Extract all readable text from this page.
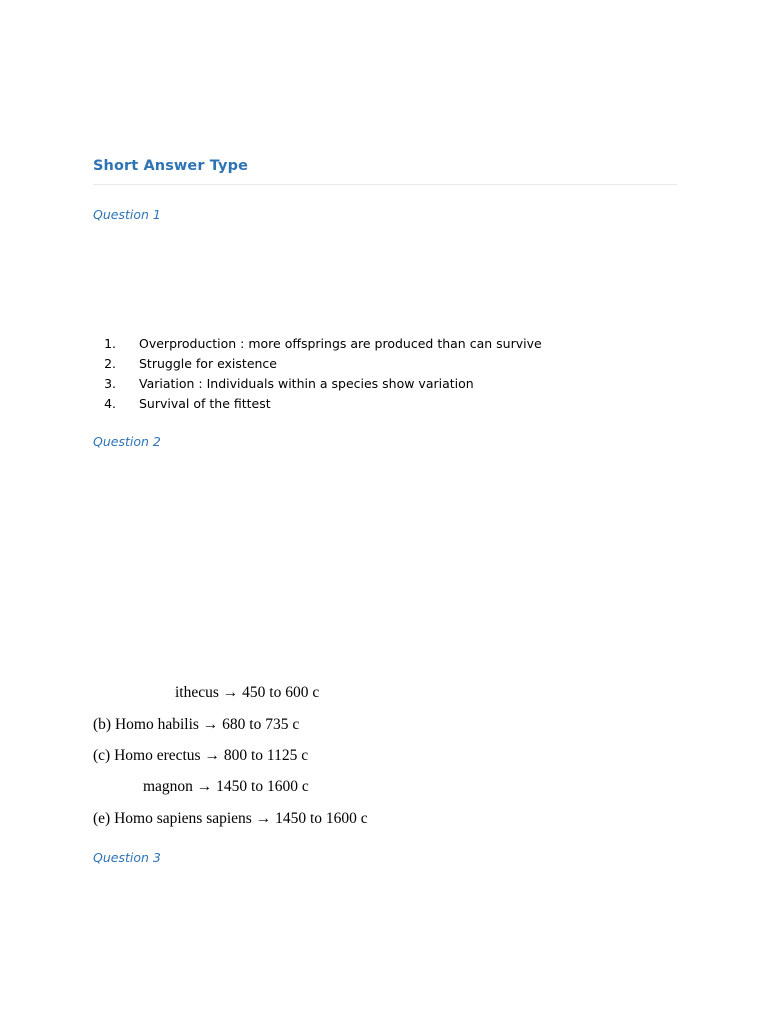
Short Answer Type

Question 1

1. Overproduction : more offsprings are produced than can survive
2. Struggle for existence
3. Variation : Individuals within a species show variation
4. Survival of the fittest

Question 2

ithecus → 450 to 600 c

(b) Homo habilis → 680 to 735 c

(c) Homo erectus → 800 to 1125 c

magnon → 1450 to 1600 c

(e) Homo sapiens sapiens → 1450 to 1600 c

Question 3
